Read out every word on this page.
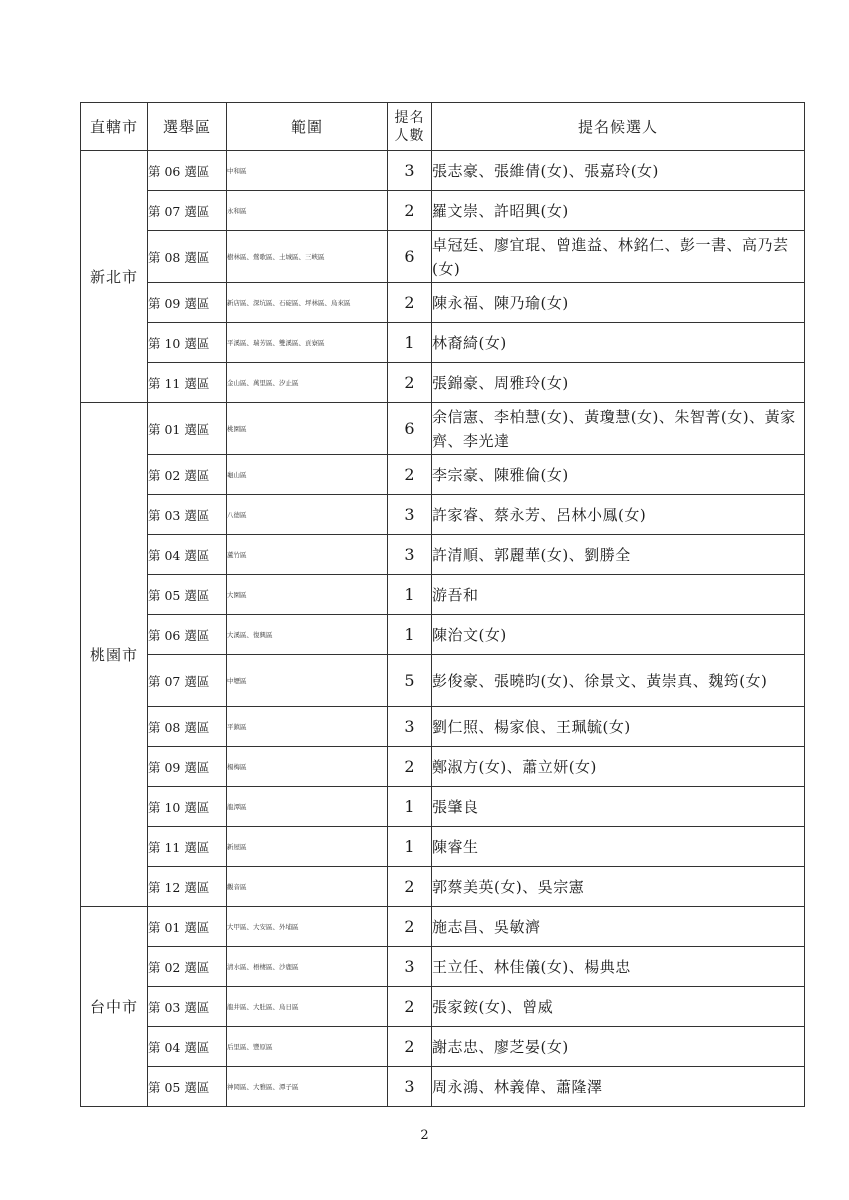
直轄市	選舉區	範圍	提名人數	提名候選人
新北市	第 06 選區	中和區	3	張志豪、張維倩(女)、張嘉玲(女)
	第 07 選區	永和區	2	羅文崇、許昭興(女)
	第 08 選區	樹林區、鶯歌區、土城區、三峽區	6	卓冠廷、廖宜琨、曾進益、林銘仁、彭一書、高乃芸(女)
	第 09 選區	新店區、深坑區、石碇區、坪林區、烏來區	2	陳永福、陳乃瑜(女)
	第 10 選區	平溪區、瑞芳區、雙溪區、貢寮區	1	林裔綺(女)
	第 11 選區	金山區、萬里區、汐止區	2	張錦豪、周雅玲(女)
桃園市	第 01 選區	桃園區	6	余信憲、李柏慧(女)、黃瓊慧(女)、朱智菁(女)、黃家齊、李光達
	第 02 選區	龜山區	2	李宗豪、陳雅倫(女)
	第 03 選區	八德區	3	許家睿、蔡永芳、呂林小鳳(女)
	第 04 選區	蘆竹區	3	許清順、郭麗華(女)、劉勝全
	第 05 選區	大園區	1	游吾和
	第 06 選區	大溪區、復興區	1	陳治文(女)
	第 07 選區	中壢區	5	彭俊豪、張曉昀(女)、徐景文、黃崇真、魏筠(女)
	第 08 選區	平鎮區	3	劉仁照、楊家俍、王珮毓(女)
	第 09 選區	楊梅區	2	鄭淑方(女)、蕭立妍(女)
	第 10 選區	龍潭區	1	張肇良
	第 11 選區	新屋區	1	陳睿生
	第 12 選區	觀音區	2	郭蔡美英(女)、吳宗憲
台中市	第 01 選區	大甲區、大安區、外埔區	2	施志昌、吳敏濟
	第 02 選區	清水區、梧棲區、沙鹿區	3	王立任、林佳儀(女)、楊典忠
	第 03 選區	龍井區、大肚區、烏日區	2	張家銨(女)、曾威
	第 04 選區	后里區、豐原區	2	謝志忠、廖芝晏(女)
	第 05 選區	神岡區、大雅區、潭子區	3	周永鴻、林義偉、蕭隆澤
2
